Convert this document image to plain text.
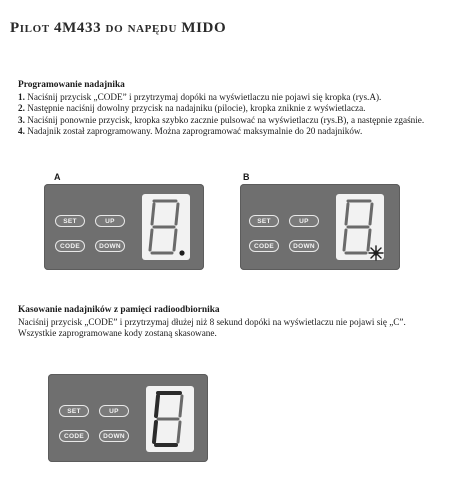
Pilot 4M433 do napędu MIDO
Programowanie nadajnika
1. Naciśnij przycisk „CODE” i przytrzymaj dopóki na wyświetlaczu nie pojawi się kropka (rys.A).
2. Następnie naciśnij dowolny przycisk na nadajniku (pilocie), kropka zniknie z wyświetlacza.
3. Naciśnij ponownie przycisk, kropka szybko zacznie pulsować na wyświetlaczu (rys.B), a następnie zgaśnie.
4. Nadajnik został zaprogramowany. Można zaprogramować maksymalnie do 20 nadajników.
A
SET	UP
CODE	DOWN
B
SET	UP
CODE	DOWN
Kasowanie nadajników z pamięci radioodbiornika
Naciśnij przycisk „CODE” i przytrzymaj dłużej niż 8 sekund dopóki na wyświetlaczu nie pojawi się „C”.
Wszystkie zaprogramowane kody zostaną skasowane.
SET	UP
CODE	DOWN
